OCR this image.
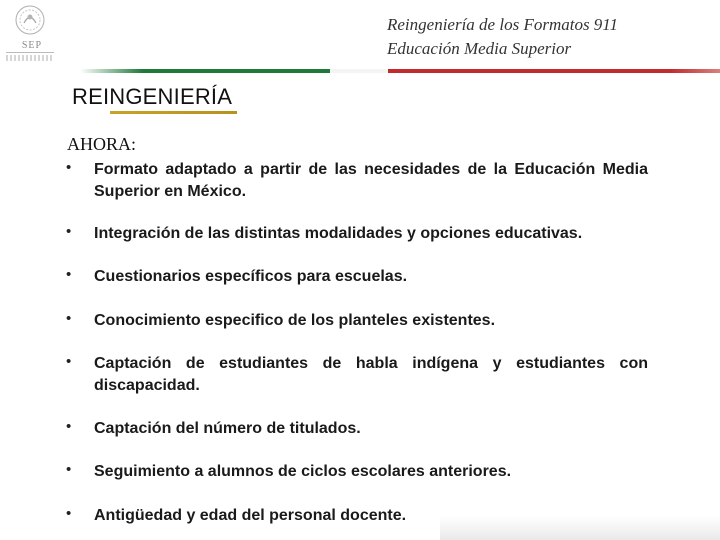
SEP
Reingeniería de los Formatos 911
Educación Media Superior
REINGENIERÍA
AHORA:
• Formato adaptado a partir de las necesidades de la Educación Media Superior en México.
• Integración de las distintas modalidades y opciones educativas.
• Cuestionarios específicos para escuelas.
• Conocimiento especifico de los planteles existentes.
• Captación de estudiantes de habla indígena y estudiantes con discapacidad.
• Captación del número de titulados.
• Seguimiento a alumnos de ciclos escolares anteriores.
• Antigüedad y edad del personal docente.
